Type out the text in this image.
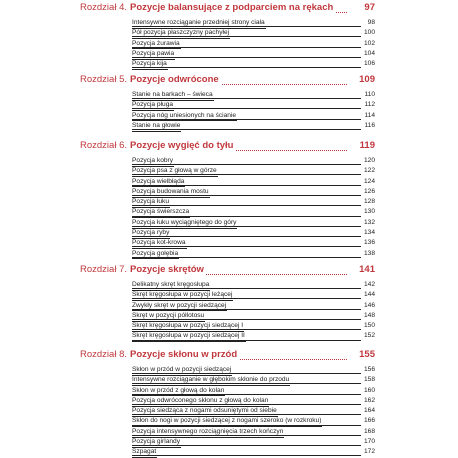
Rozdział 4. Pozycje balansujące z podparciem na rękach	97
Intensywne rozciąganie przedniej strony ciała	98
Pół pozycja płaszczyzny pachyłej	100
Pozycja żurawia	102
Pozycja pawia	104
Pozycja kija	106
Rozdział 5. Pozycje odwrócone	109
Stanie na barkach – świeca	110
Pozycja pługa	112
Pozycja nóg uniesionych na ścianie	114
Stanie na głowie	116
Rozdział 6. Pozycje wygięć do tyłu	119
Pozycja kobry	120
Pozycja psa z głową w górze	122
Pozycja wielbłąda	124
Pozycja budowania mostu	126
Pozycja łuku	128
Pozycja świerszcza	130
Pozycja łuku wyciągniętego do góry	132
Pozycja ryby	134
Pozycja kot-krowa	136
Pozycja gołębia	138
Rozdział 7. Pozycje skrętów	141
Delikatny skręt kręgosłupa	142
Skręt kręgosłupa w pozycji leżącej	144
Zwykły skręt w pozycji siedzącej	146
Skręt w pozycji półlotosu	148
Skręt kręgosłupa w pozycji siedzącej I	150
Skręt kręgosłupa w pozycji siedzącej II	152
Rozdział 8. Pozycje skłonu w przód	155
Skłon w przód w pozycji siedzącej	156
Intensywne rozciąganie w głębokim skłonie do przodu	158
Skłon w przód z głową do kolan	160
Pozycja odwróconego skłonu z głową do kolan	162
Pozycja siedząca z nogami odsuniętymi od siebie	164
Skłon do nogi w pozycji siedzącej z nogami szeroko (w rozkroku)	166
Pozycja intensywnego rozciągnięcia trzech kończyn	168
Pozycja girlandy	170
Szpagat	172
